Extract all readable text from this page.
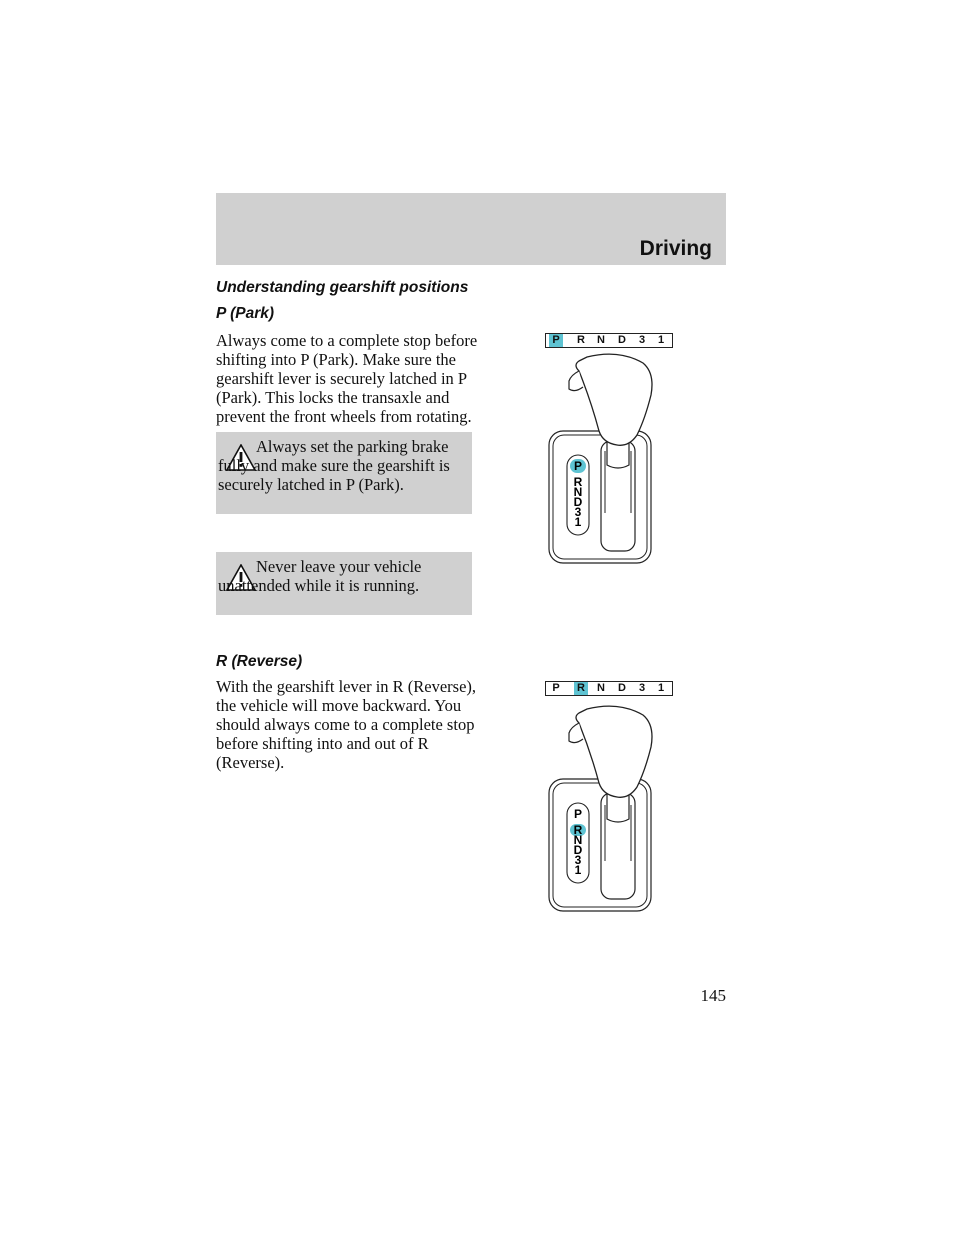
Driving
Understanding gearshift positions
P (Park)
Always come to a complete stop before shifting into P (Park). Make sure the gearshift lever is securely latched in P (Park). This locks the transaxle and prevent the front wheels from rotating.
Always set the parking brake fully and make sure the gearshift is securely latched in P (Park).
Never leave your vehicle unattended while it is running.
R (Reverse)
With the gearshift lever in R (Reverse), the vehicle will move backward. You should always come to a complete stop before shifting into and out of R (Reverse).
P	R N D	3	1
P
R
N
D
3
1
P	R N D	3	1
P
R
N
D
3
1
145
